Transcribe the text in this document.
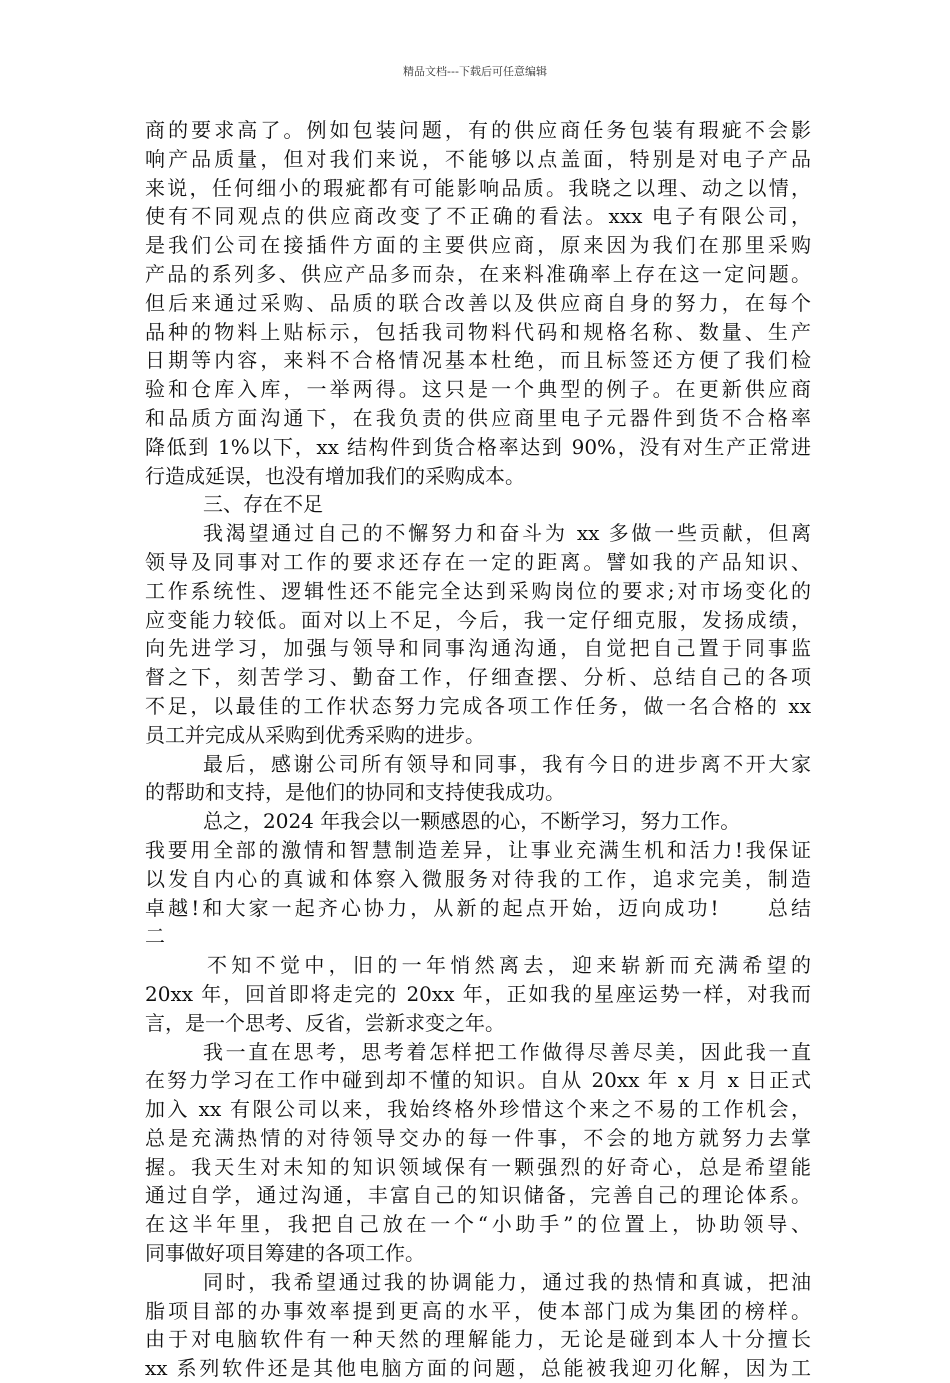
精品文档---下载后可任意编辑
商的要求高了。例如包装问题，有的供应商任务包装有瑕疵不会影
响产品质量，但对我们来说，不能够以点盖面，特别是对电子产品
来说，任何细小的瑕疵都有可能影响品质。我晓之以理、动之以情，
使有不同观点的供应商改变了不正确的看法。xxx 电子有限公司，
是我们公司在接插件方面的主要供应商，原来因为我们在那里采购
产品的系列多、供应产品多而杂，在来料准确率上存在这一定问题。
但后来通过采购、品质的联合改善以及供应商自身的努力，在每个
品种的物料上贴标示，包括我司物料代码和规格名称、数量、生产
日期等内容，来料不合格情况基本杜绝，而且标签还方便了我们检
验和仓库入库，一举两得。这只是一个典型的例子。在更新供应商
和品质方面沟通下，在我负责的供应商里电子元器件到货不合格率
降低到 1%以下，xx 结构件到货合格率达到 90%，没有对生产正常进
行造成延误，也没有增加我们的采购成本。
三、存在不足
我渴望通过自己的不懈努力和奋斗为 xx 多做一些贡献，但离
领导及同事对工作的要求还存在一定的距离。譬如我的产品知识、
工作系统性、逻辑性还不能完全达到采购岗位的要求;对市场变化的
应变能力较低。面对以上不足，今后，我一定仔细克服，发扬成绩，
向先进学习，加强与领导和同事沟通沟通，自觉把自己置于同事监
督之下，刻苦学习、勤奋工作，仔细查摆、分析、总结自己的各项
不足，以最佳的工作状态努力完成各项工作任务，做一名合格的 xx
员工并完成从采购到优秀采购的进步。
最后，感谢公司所有领导和同事，我有今日的进步离不开大家
的帮助和支持，是他们的协同和支持使我成功。
总之，2024 年我会以一颗感恩的心，不断学习，努力工作。
我要用全部的激情和智慧制造差异，让事业充满生机和活力!我保证
以发自内心的真诚和体察入微服务对待我的工作，追求完美，制造
卓越!和大家一起齐心协力，从新的起点开始，迈向成功!　　总结
二
不知不觉中，旧的一年悄然离去，迎来崭新而充满希望的
20xx 年，回首即将走完的 20xx 年，正如我的星座运势一样，对我而
言，是一个思考、反省，尝新求变之年。
我一直在思考，思考着怎样把工作做得尽善尽美，因此我一直
在努力学习在工作中碰到却不懂的知识。自从 20xx 年 x 月 x 日正式
加入 xx 有限公司以来，我始终格外珍惜这个来之不易的工作机会，
总是充满热情的对待领导交办的每一件事，不会的地方就努力去掌
握。我天生对未知的知识领域保有一颗强烈的好奇心，总是希望能
通过自学，通过沟通，丰富自己的知识储备，完善自己的理论体系。
在这半年里，我把自己放在一个“小助手”的位置上，协助领导、
同事做好项目筹建的各项工作。
同时，我希望通过我的协调能力，通过我的热情和真诚，把油
脂项目部的办事效率提到更高的水平，使本部门成为集团的榜样。
由于对电脑软件有一种天然的理解能力，无论是碰到本人十分擅长
xx 系列软件还是其他电脑方面的问题，总能被我迎刃化解，因为工
